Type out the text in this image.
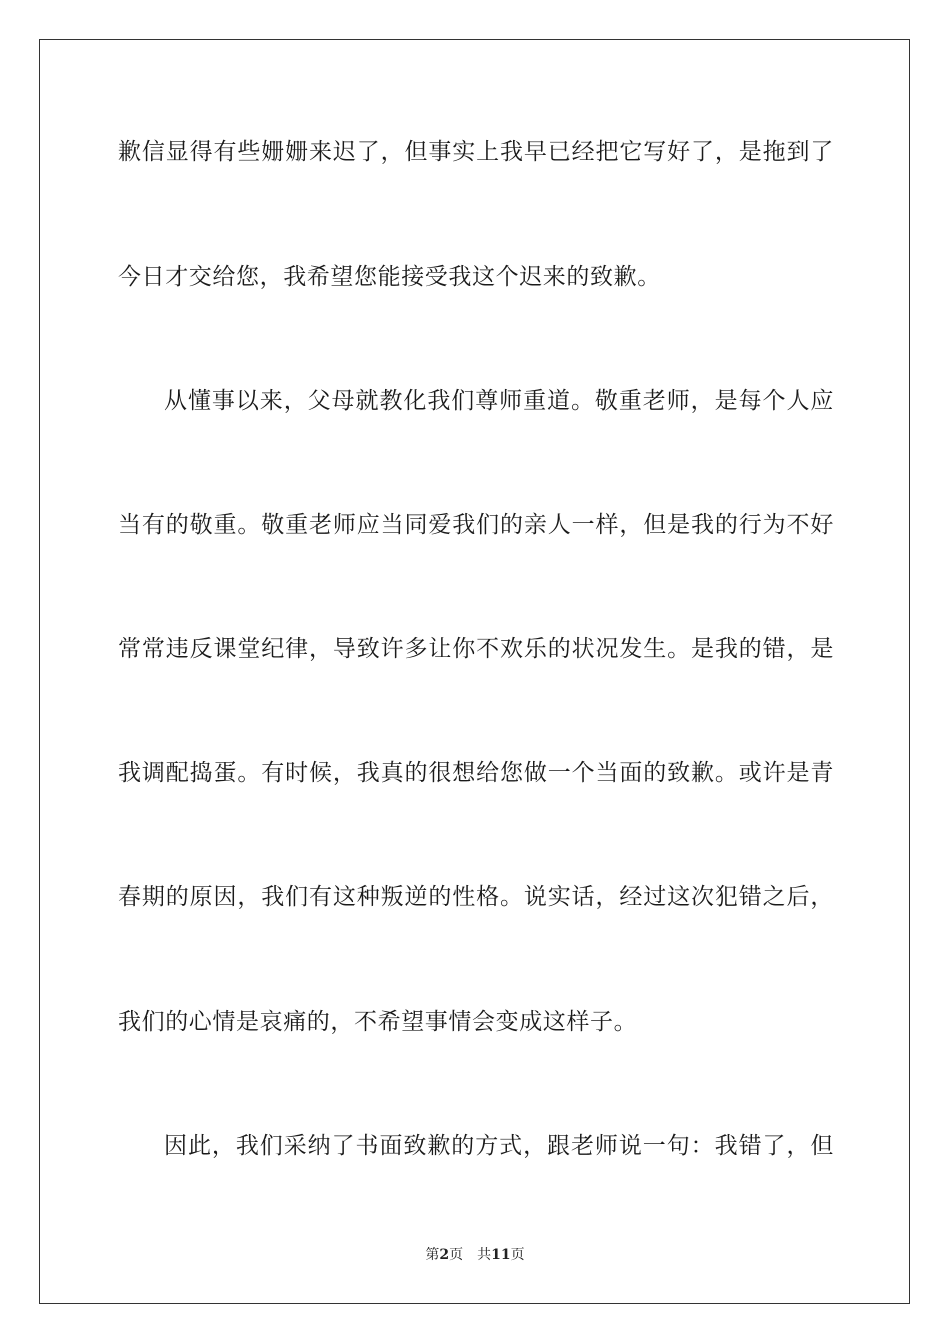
歉信显得有些姗姗来迟了，但事实上我早已经把它写好了，是拖到了
今日才交给您，我希望您能接受我这个迟来的致歉。
从懂事以来，父母就教化我们尊师重道。敬重老师，是每个人应
当有的敬重。敬重老师应当同爱我们的亲人一样，但是我的行为不好
常常违反课堂纪律，导致许多让你不欢乐的状况发生。是我的错，是
我调配捣蛋。有时候，我真的很想给您做一个当面的致歉。或许是青
春期的原因，我们有这种叛逆的性格。说实话，经过这次犯错之后，
我们的心情是哀痛的，不希望事情会变成这样子。
因此，我们采纳了书面致歉的方式，跟老师说一句：我错了，但
第2页 共11页
